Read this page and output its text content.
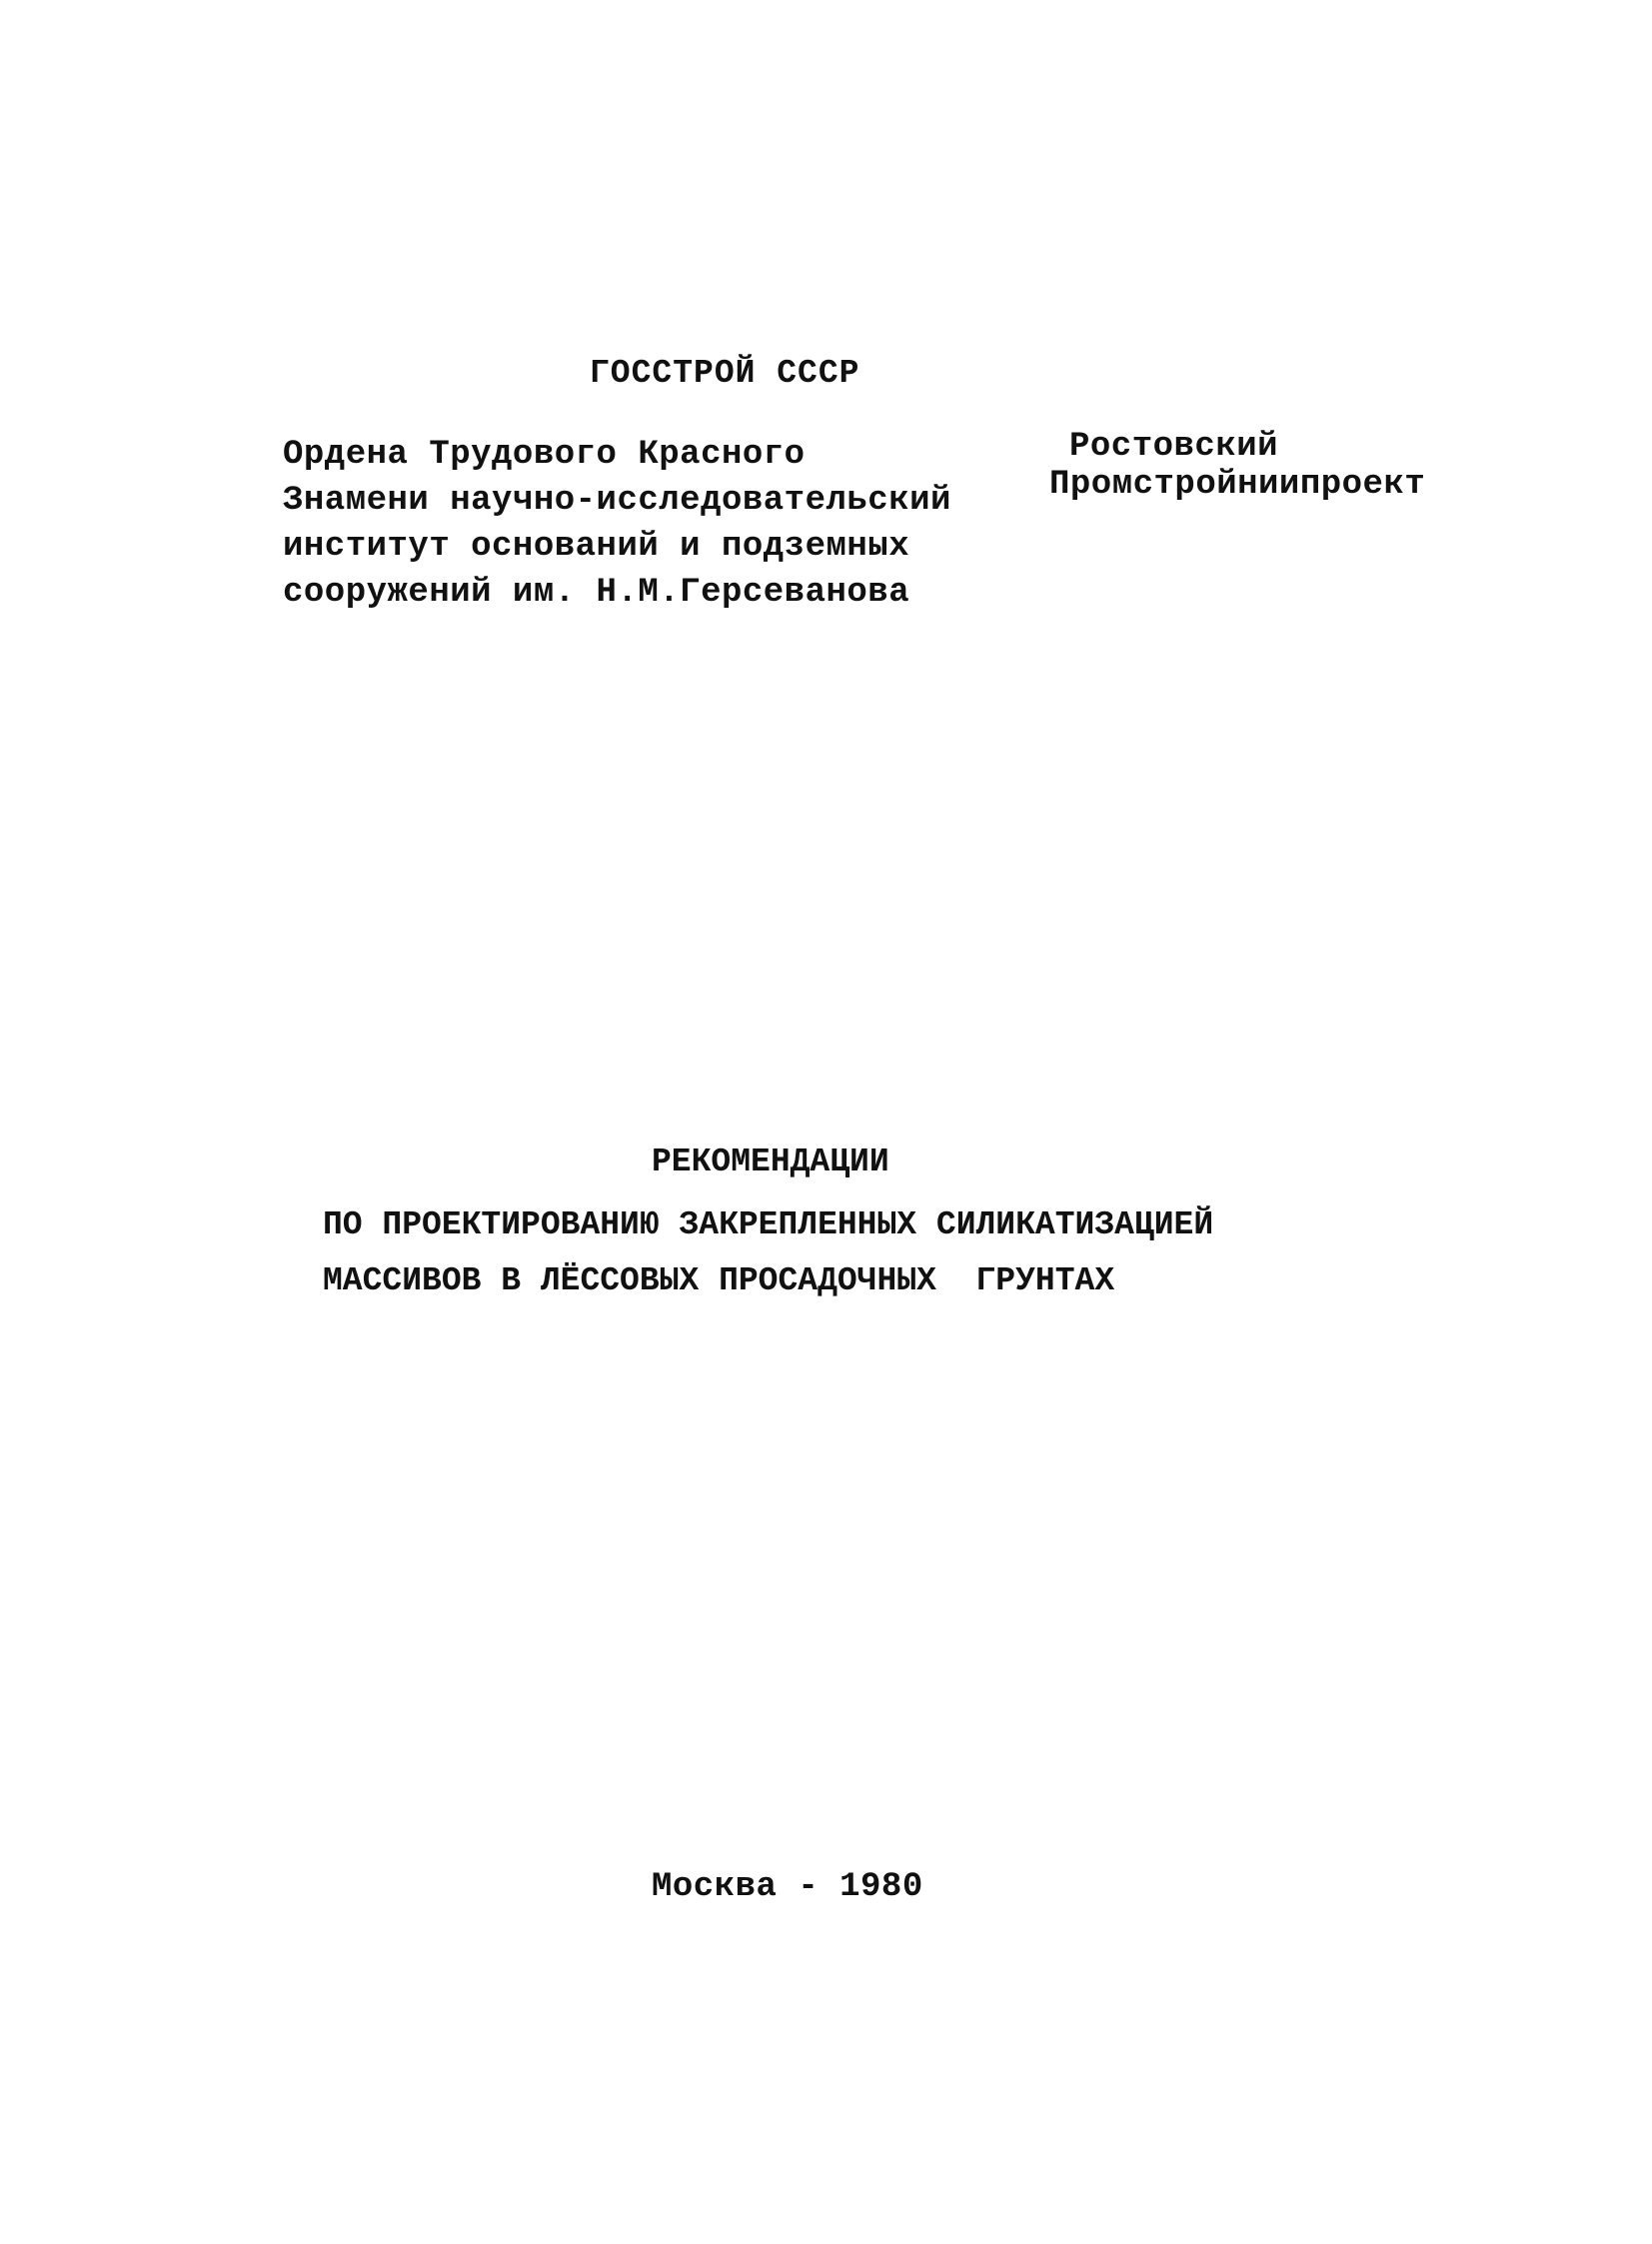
ГОССТРОЙ СССР
Ордена Трудового Красного
Знамени научно-исследовательский
институт оснований и подземных
сооружений им. Н.М.Герсеванова
Ростовский
Промстройниипроект
РЕКОМЕНДАЦИИ
ПО ПРОЕКТИРОВАНИЮ ЗАКРЕПЛЕННЫХ СИЛИКАТИЗАЦИЕЙ
МАССИВОВ В ЛЁССОВЫХ ПРОСАДОЧНЫХ  ГРУНТАХ
Москва - 1980
